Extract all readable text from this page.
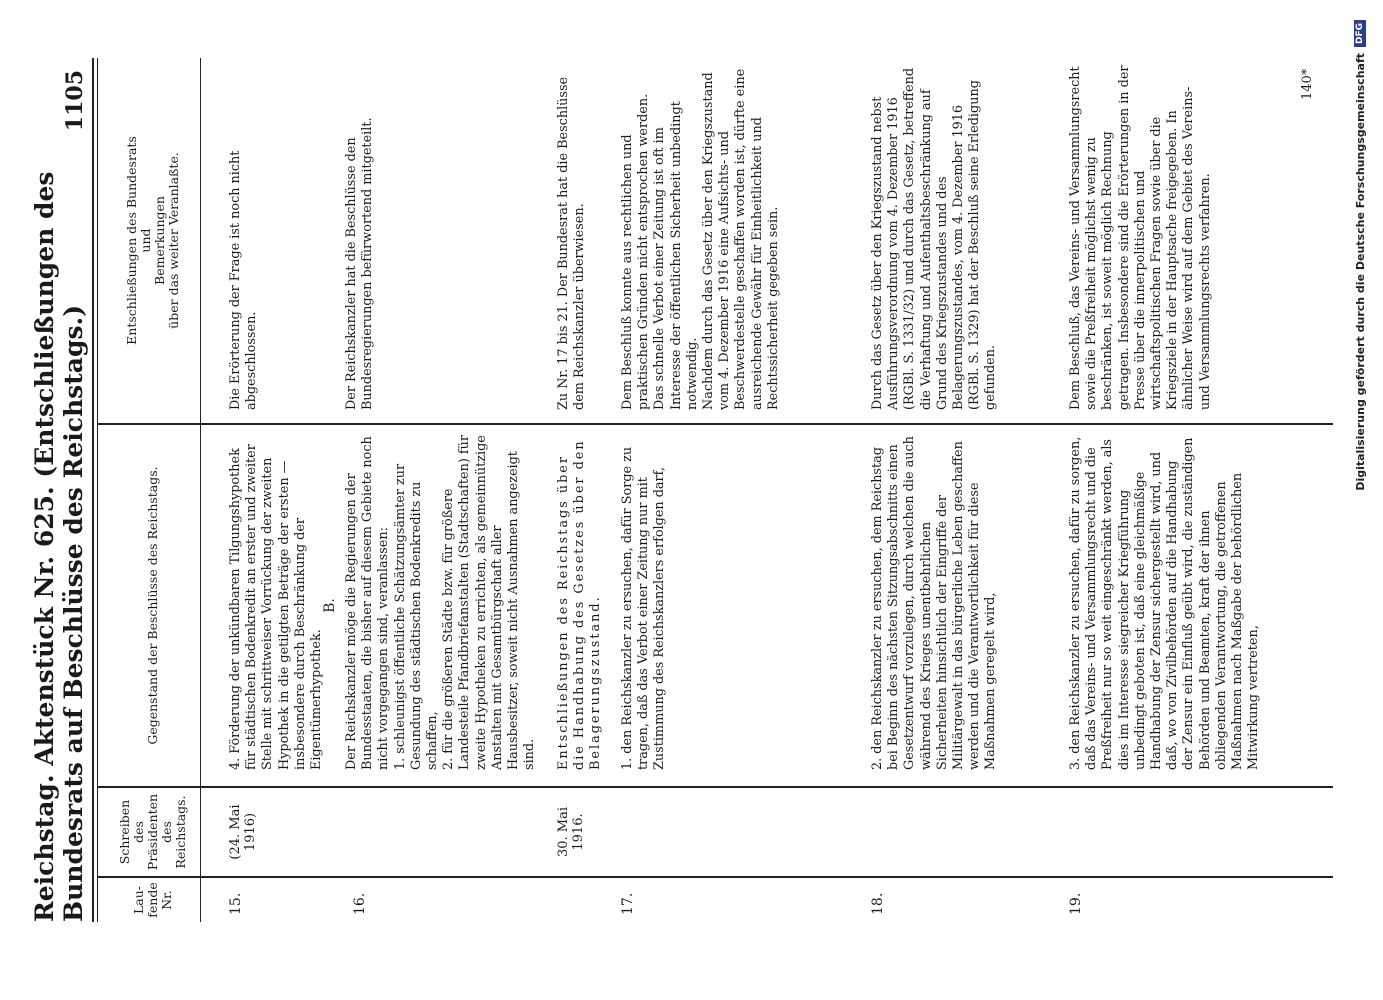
Reichstag. Aktenstück Nr. 625. (Entschließungen des Bundesrats auf Beschlüsse des Reichstags.)
1105
Lau-
fende
Nr.
Schreiben
des
Präsidenten
des
Reichstags.
Gegenstand der Beschlüsse des Reichstags.
Entschließungen des Bundesrats
und
Bemerkungen
über das weiter Veranlaßte.
15.
(24. Mai
1916)
4. Förderung der unkündbaren Tilgungshypothek für städtischen Bodenkredit an erster und zweiter Stelle mit schrittweiser Vorrückung der zweiten Hypothek in die getilgten Beträge der ersten — insbesondere durch Beschränkung der Eigentümerhypothek.
Die Erörterung der Frage ist noch nicht abgeschlossen.
B.
16.
Der Reichskanzler möge die Regierungen der Bundesstaaten, die bisher auf diesem Gebiete noch nicht vorgegangen sind, veranlassen:
1. schleunigst öffentliche Schätzungsämter zur Gesundung des städtischen Bodenkredits zu schaffen,
2. für die größeren Städte bzw. für größere Landesteile Pfandbriefanstalten (Stadtschaften) für zweite Hypotheken zu errichten, als gemeinnützige Anstalten mit Gesamtbürgschaft aller Hausbesitzer, soweit nicht Ausnahmen angezeigt sind.
Der Reichskanzler hat die Beschlüsse den Bundesregierungen befürwortend mitgeteilt.
30. Mai
1916.
Entschließungen des Reichstags über die Handhabung des Gesetzes über den Belagerungszustand.
Zu Nr. 17 bis 21. Der Bundesrat hat die Beschlüsse dem Reichskanzler überwiesen.
17.
1. den Reichskanzler zu ersuchen, dafür Sorge zu tragen, daß das Verbot einer Zeitung nur mit Zustimmung des Reichskanzlers erfolgen darf,
Dem Beschluß konnte aus rechtlichen und praktischen Gründen nicht entsprochen werden.
Das schnelle Verbot einer Zeitung ist oft im Interesse der öffentlichen Sicherheit unbedingt notwendig.
Nachdem durch das Gesetz über den Kriegszustand vom 4. Dezember 1916 eine Aufsichts- und Beschwerdestelle geschaffen worden ist, dürfte eine ausreichende Gewähr für Einheitlichkeit und Rechtssicherheit gegeben sein.
18.
2. den Reichskanzler zu ersuchen, dem Reichstag bei Beginn des nächsten Sitzungsabschnitts einen Gesetzentwurf vorzulegen, durch welchen die auch während des Krieges unentbehrlichen Sicherheiten hinsichtlich der Eingriffe der Militärgewalt in das bürgerliche Leben geschaffen werden und die Verantwortlichkeit für diese Maßnahmen geregelt wird,
Durch das Gesetz über den Kriegszustand nebst Ausführungsverordnung vom 4. Dezember 1916 (RGBl. S. 1331/32) und durch das Gesetz, betreffend die Verhaftung und Aufenthaltsbeschränkung auf Grund des Kriegszustandes und des Belagerungszustandes, vom 4. Dezember 1916 (RGBl. S. 1329) hat der Beschluß seine Erledigung gefunden.
19.
3. den Reichskanzler zu ersuchen, dafür zu sorgen, daß das Vereins- und Versammlungsrecht und die Preßfreiheit nur so weit eingeschränkt werden, als dies im Interesse siegreicher Kriegführung unbedingt geboten ist, daß eine gleichmäßige Handhabung der Zensur sichergestellt wird, und daß, wo von Zivilbehörden auf die Handhabung der Zensur ein Einfluß geübt wird, die zuständigen Behörden und Beamten, kraft der ihnen obliegenden Verantwortung, die getroffenen Maßnahmen nach Maßgabe der behördlichen Mitwirkung vertreten,
Dem Beschluß, das Vereins- und Versammlungsrecht sowie die Preßfreiheit möglichst wenig zu beschränken, ist soweit möglich Rechnung getragen. Insbesondere sind die Erörterungen in der Presse über die innerpolitischen und wirtschaftspolitischen Fragen sowie über die Kriegsziele in der Hauptsache freigegeben. In ähnlicher Weise wird auf dem Gebiet des Vereins- und Versammlungsrechts verfahren.
140*
DFG
Digitalisierung gefördert durch die Deutsche Forschungsgemeinschaft
